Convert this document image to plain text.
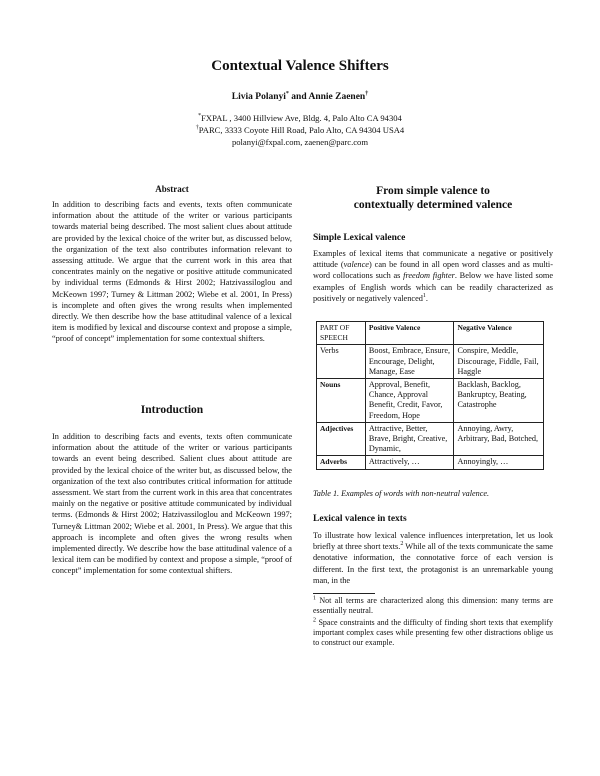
Contextual Valence Shifters
Livia Polanyi* and Annie Zaenen†
*FXPAL , 3400 Hillview Ave, Bldg. 4, Palo Alto CA 94304
†PARC, 3333 Coyote Hill Road, Palo Alto, CA 94304 USA4
polanyi@fxpal.com, zaenen@parc.com
Abstract
In addition to describing facts and events, texts often communicate information about the attitude of the writer or various participants towards material being described. The most salient clues about attitude are provided by the lexical choice of the writer but, as discussed below, the organization of the text also contributes information relevant to assessing attitude. We argue that the current work in this area that concentrates mainly on the negative or positive attitude communicated by individual terms (Edmonds & Hirst 2002; Hatzivassiloglou and McKeown 1997; Turney & Littman 2002; Wiebe et al. 2001, In Press) is incomplete and often gives the wrong results when implemented directly. We then describe how the base attitudinal valence of a lexical item is modified by lexical and discourse context and propose a simple, “proof of concept” implementation for some contextual shifters.
Introduction
In addition to describing facts and events, texts often communicate information about the attitude of the writer or various participants towards an event being described. Salient clues about attitude are provided by the lexical choice of the writer but, as discussed below, the organization of the text also contributes critical information for attitude assessment. We start from the current work in this area that concentrates mainly on the negative or positive attitude communicated by individual terms. (Edmonds & Hirst 2002; Hatzivassiloglou and McKeown 1997; Turney& Littman 2002; Wiebe et al. 2001, In Press). We argue that this approach is incomplete and often gives the wrong results when implemented directly. We describe how the base attitudinal valence of a lexical item can be modified by context and propose a simple, “proof of concept” implementation for some contextual shifters.
From simple valence to
contextually determined valence
Simple Lexical valence
Examples of lexical items that communicate a negative or positively attitude (valence) can be found in all open word classes and as multi-word collocations such as freedom fighter. Below we have listed some examples of English words which can be readily characterized as positively or negatively valenced$^1$.
PART OF SPEECH	Positive Valence	Negative Valence
Verbs	Boost, Embrace, Ensure, Encourage, Delight, Manage, Ease	Conspire, Meddle, Discourage, Fiddle, Fail, Haggle
Nouns	Approval, Benefit, Chance, Approval Benefit, Credit, Favor, Freedom, Hope	Backlash, Backlog, Bankruptcy, Beating, Catastrophe
Adjectives	Attractive, Better, Brave, Bright, Creative, Dynamic,	Annoying, Awry, Arbitrary, Bad, Botched,
Adverbs	Attractively, …	Annoyingly, …
Table 1. Examples of words with non-neutral valence.
Lexical valence in texts
To illustrate how lexical valence influences interpretation, let us look briefly at three short texts.$^2$ While all of the texts communicate the same denotative information, the connotative force of each version is different. In the first text, the protagonist is an unremarkable young man, in the
$^1$ Not all terms are characterized along this dimension: many terms are essentially neutral.
$^2$ Space constraints and the difficulty of finding short texts that exemplify important complex cases while presenting few other distractions oblige us to construct our example.
